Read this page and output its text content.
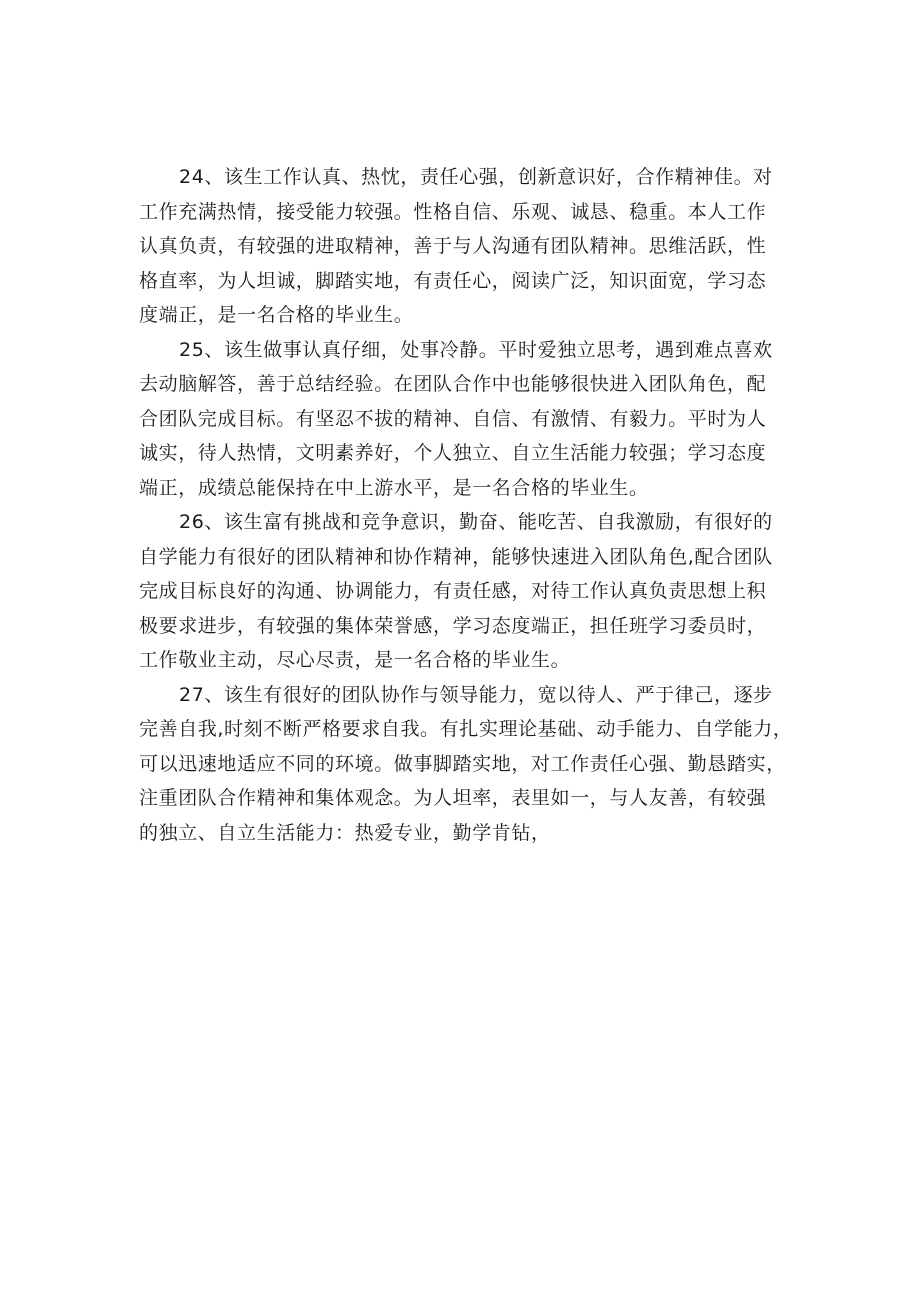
24、该生工作认真、热忱，责任心强，创新意识好，合作精神佳。对
工作充满热情，接受能力较强。性格自信、乐观、诚恳、稳重。本人工作
认真负责，有较强的进取精神，善于与人沟通有团队精神。思维活跃，性
格直率，为人坦诚，脚踏实地，有责任心，阅读广泛，知识面宽，学习态
度端正，是一名合格的毕业生。
25、该生做事认真仔细，处事冷静。平时爱独立思考，遇到难点喜欢
去动脑解答，善于总结经验。在团队合作中也能够很快进入团队角色，配
合团队完成目标。有坚忍不拔的精神、自信、有激情、有毅力。平时为人
诚实，待人热情，文明素养好，个人独立、自立生活能力较强；学习态度
端正，成绩总能保持在中上游水平，是一名合格的毕业生。
26、该生富有挑战和竞争意识，勤奋、能吃苦、自我激励，有很好的
自学能力有很好的团队精神和协作精神，能够快速进入团队角色,配合团队
完成目标良好的沟通、协调能力，有责任感，对待工作认真负责思想上积
极要求进步，有较强的集体荣誉感，学习态度端正，担任班学习委员时，
工作敬业主动，尽心尽责，是一名合格的毕业生。
27、该生有很好的团队协作与领导能力，宽以待人、严于律己，逐步
完善自我,时刻不断严格要求自我。有扎实理论基础、动手能力、自学能力，
可以迅速地适应不同的环境。做事脚踏实地，对工作责任心强、勤恳踏实，
注重团队合作精神和集体观念。为人坦率，表里如一，与人友善，有较强
的独立、自立生活能力：热爱专业，勤学肯钻，
